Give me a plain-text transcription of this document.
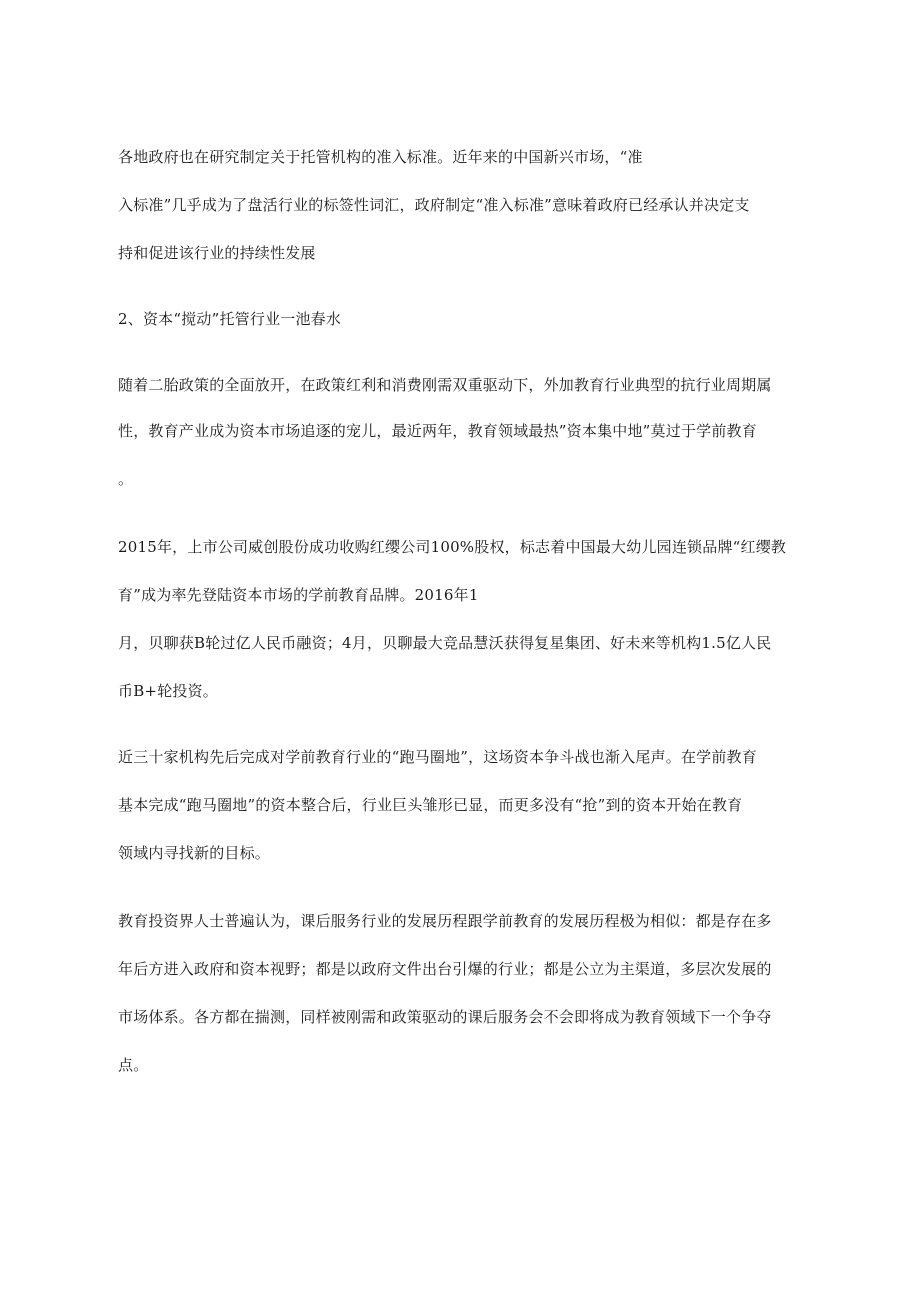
各地政府也在研究制定关于托管机构的准入标准。近年来的中国新兴市场，“准
入标准”几乎成为了盘活行业的标签性词汇，政府制定“准入标准”意味着政府已经承认并决定支
持和促进该行业的持续性发展
2、资本“搅动”托管行业一池春水
随着二胎政策的全面放开，在政策红利和消费刚需双重驱动下，外加教育行业典型的抗行业周期属
性，教育产业成为资本市场追逐的宠儿，最近两年，教育领域最热”资本集中地”莫过于学前教育
。
2015年，上市公司威创股份成功收购红缨公司100%股权，标志着中国最大幼儿园连锁品牌“红缨教
育”成为率先登陆资本市场的学前教育品牌。2016年1
月，贝聊获B轮过亿人民币融资；4月，贝聊最大竞品慧沃获得复星集团、好未来等机构1.5亿人民
币B+轮投资。
近三十家机构先后完成对学前教育行业的“跑马圈地”，这场资本争斗战也渐入尾声。在学前教育
基本完成“跑马圈地”的资本整合后，行业巨头雏形已显，而更多没有“抢”到的资本开始在教育
领域内寻找新的目标。
教育投资界人士普遍认为，课后服务行业的发展历程跟学前教育的发展历程极为相似：都是存在多
年后方进入政府和资本视野；都是以政府文件出台引爆的行业；都是公立为主渠道，多层次发展的
市场体系。各方都在揣测，同样被刚需和政策驱动的课后服务会不会即将成为教育领域下一个争夺
点。
